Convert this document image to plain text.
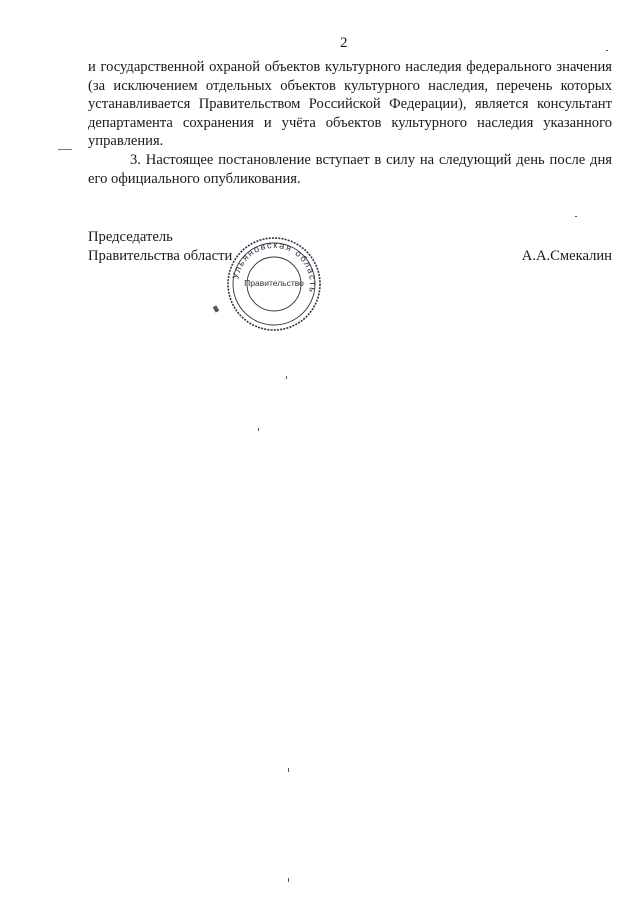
2

и государственной охраной объектов культурного наследия федерального значения (за исключением отдельных объектов культурного наследия, перечень которых устанавливается Правительством Российской Федерации), является консультант департамента сохранения и учёта объектов культурного наследия указанного управления.

3. Настоящее постановление вступает в силу на следующий день после дня его официального опубликования.

Председатель
Правительства области	А.А.Смекалин
Ульяновская область
Правительство
